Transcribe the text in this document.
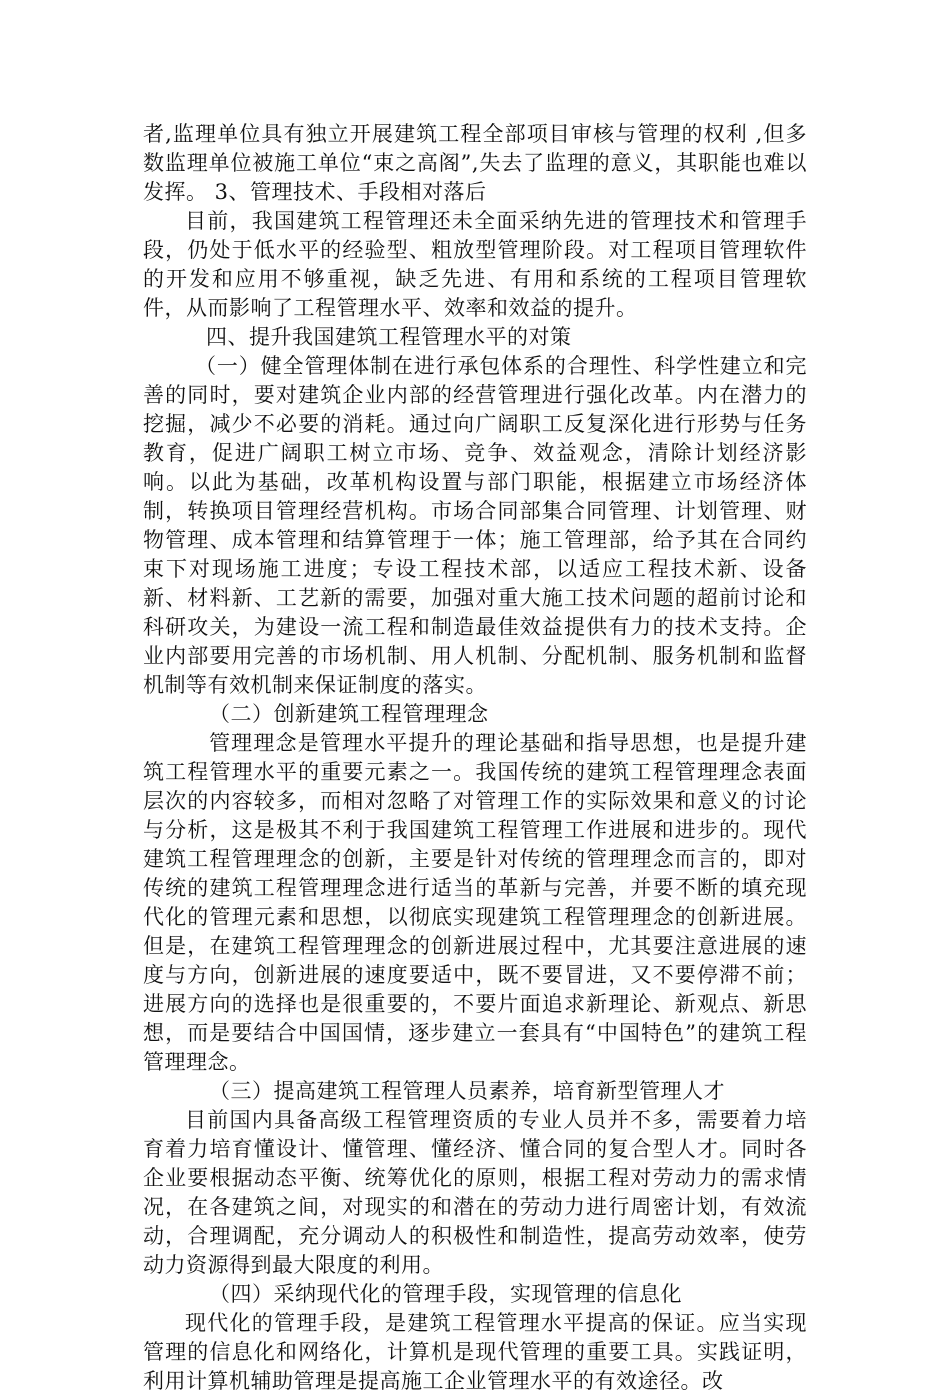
者,监理单位具有独立开展建筑工程全部项目审核与管理的权利 ,但多数监理单位被施工单位“束之高阁”,失去了监理的意义，其职能也难以发挥。 3、管理技术、手段相对落后

目前，我国建筑工程管理还未全面采纳先进的管理技术和管理手段，仍处于低水平的经验型、粗放型管理阶段。对工程项目管理软件的开发和应用不够重视，缺乏先进、有用和系统的工程项目管理软件，从而影响了工程管理水平、效率和效益的提升。

四、提升我国建筑工程管理水平的对策

（一）健全管理体制在进行承包体系的合理性、科学性建立和完善的同时，要对建筑企业内部的经营管理进行强化改革。内在潜力的挖掘，减少不必要的消耗。通过向广阔职工反复深化进行形势与任务教育，促进广阔职工树立市场、竞争、效益观念，清除计划经济影响。以此为基础，改革机构设置与部门职能，根据建立市场经济体制，转换项目管理经营机构。市场合同部集合同管理、计划管理、财物管理、成本管理和结算管理于一体；施工管理部，给予其在合同约束下对现场施工进度；专设工程技术部，以适应工程技术新、设备新、材料新、工艺新的需要，加强对重大施工技术问题的超前讨论和科研攻关，为建设一流工程和制造最佳效益提供有力的技术支持。企业内部要用完善的市场机制、用人机制、分配机制、服务机制和监督机制等有效机制来保证制度的落实。

（二）创新建筑工程管理理念

管理理念是管理水平提升的理论基础和指导思想，也是提升建筑工程管理水平的重要元素之一。我国传统的建筑工程管理理念表面层次的内容较多，而相对忽略了对管理工作的实际效果和意义的讨论与分析，这是极其不利于我国建筑工程管理工作进展和进步的。现代建筑工程管理理念的创新，主要是针对传统的管理理念而言的，即对传统的建筑工程管理理念进行适当的革新与完善，并要不断的填充现代化的管理元素和思想，以彻底实现建筑工程管理理念的创新进展。但是，在建筑工程管理理念的创新进展过程中，尤其要注意进展的速度与方向，创新进展的速度要适中，既不要冒进，又不要停滞不前；进展方向的选择也是很重要的，不要片面追求新理论、新观点、新思想，而是要结合中国国情，逐步建立一套具有“中国特色”的建筑工程管理理念。

（三）提高建筑工程管理人员素养，培育新型管理人才

目前国内具备高级工程管理资质的专业人员并不多，需要着力培育着力培育懂设计、懂管理、懂经济、懂合同的复合型人才。同时各企业要根据动态平衡、统筹优化的原则，根据工程对劳动力的需求情况，在各建筑之间，对现实的和潜在的劳动力进行周密计划，有效流动，合理调配，充分调动人的积极性和制造性，提高劳动效率，使劳动力资源得到最大限度的利用。

（四）采纳现代化的管理手段，实现管理的信息化

现代化的管理手段，是建筑工程管理水平提高的保证。应当实现管理的信息化和网络化，计算机是现代管理的重要工具。实践证明，利用计算机辅助管理是提高施工企业管理水平的有效途径。改
